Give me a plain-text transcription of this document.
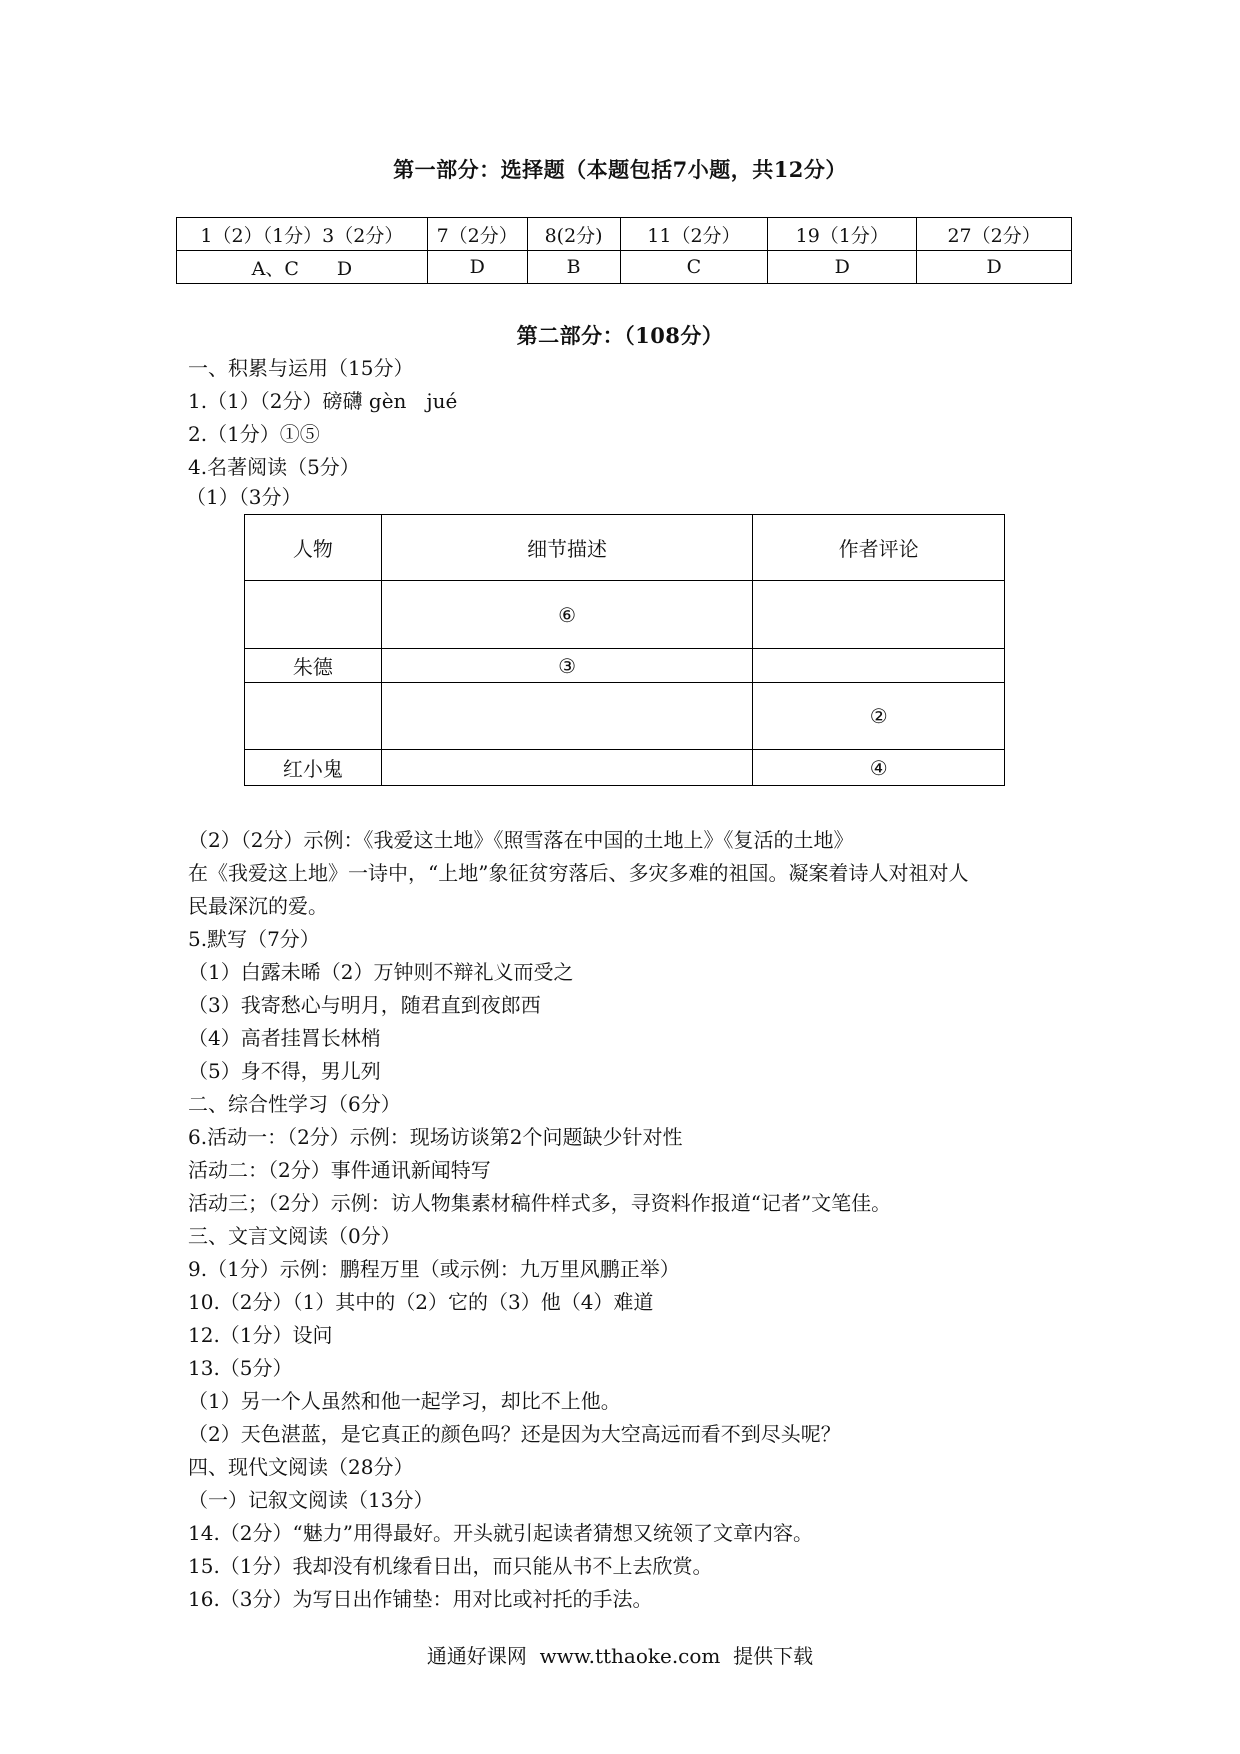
第一部分：选择题（本题包括7小题，共12分）
1（2）（1分）3（2分）	7（2分）	8(2分)	11（2分）	19（1分）	27（2分）
A、C　　D	D	B	C	D	D
第二部分：（108分）
一、积累与运用（15分）
1.（1）（2分）磅礴 gèn　jué
2.（1分）①⑤
4.名著阅读（5分）
（1）（3分）
人物	细节描述	作者评论
	⑥	
朱德	③	
		②
红小鬼		④
（2）（2分）示例：《我爱这土地》《照雪落在中国的土地上》《复活的土地》
在《我爱这上地》一诗中，“上地”象征贫穷落后、多灾多难的祖国。凝案着诗人对祖对人
民最深沉的爱。
5.默写（7分）
（1）白露未晞（2）万钟则不辩礼义而受之
（3）我寄愁心与明月，随君直到夜郎西
（4）高者挂罥长林梢
（5）身不得，男儿列
二、综合性学习（6分）
6.活动一：（2分）示例：现场访谈第2个问题缺少针对性
活动二：（2分）事件通讯新闻特写
活动三；（2分）示例：访人物集素材稿件样式多，寻资料作报道“记者”文笔佳。
三、文言文阅读（0分）
9.（1分）示例：鹏程万里（或示例：九万里风鹏正举）
10.（2分）（1）其中的（2）它的（3）他（4）难道
12.（1分）设问
13.（5分）
（1）另一个人虽然和他一起学习，却比不上他。
（2）天色湛蓝，是它真正的颜色吗？还是因为大空高远而看不到尽头呢？
四、现代文阅读（28分）
（一）记叙文阅读（13分）
14.（2分）“魅力”用得最好。开头就引起读者猜想又统领了文章内容。
15.（1分）我却没有机缘看日出，而只能从书不上去欣赏。
16.（3分）为写日出作铺垫：用对比或衬托的手法。
通通好课网  www.tthaoke.com  提供下载
